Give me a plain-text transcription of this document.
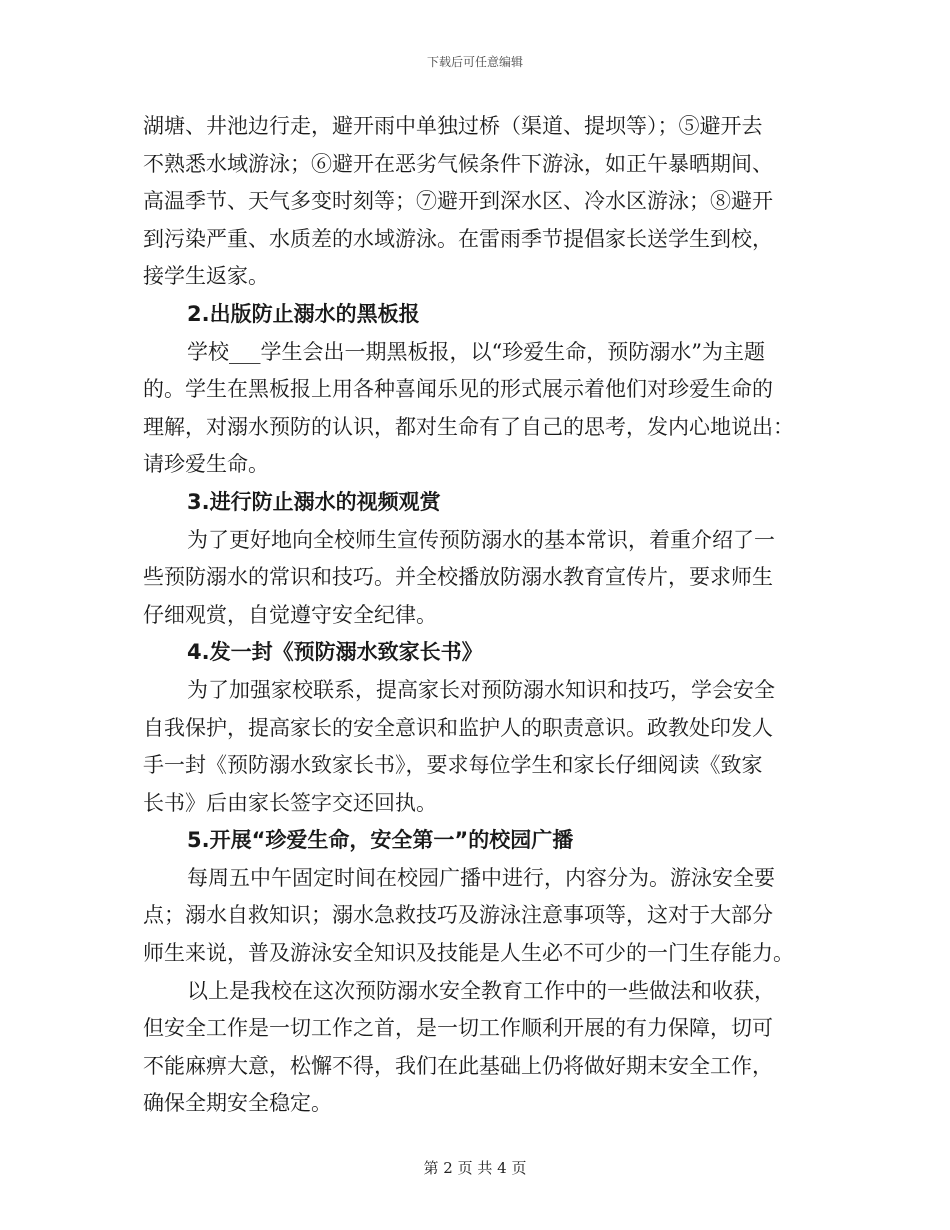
下载后可任意编辑
湖塘、井池边行走，避开雨中单独过桥（渠道、提坝等）；⑤避开去
不熟悉水域游泳；⑥避开在恶劣气候条件下游泳，如正午暴晒期间、
高温季节、天气多变时刻等；⑦避开到深水区、冷水区游泳；⑧避开
到污染严重、水质差的水域游泳。在雷雨季节提倡家长送学生到校，
接学生返家。
2.出版防止溺水的黑板报
学校___学生会出一期黑板报，以“珍爱生命，预防溺水”为主题
的。学生在黑板报上用各种喜闻乐见的形式展示着他们对珍爱生命的
理解，对溺水预防的认识，都对生命有了自己的思考，发内心地说出：
请珍爱生命。
3.进行防止溺水的视频观赏
为了更好地向全校师生宣传预防溺水的基本常识，着重介绍了一
些预防溺水的常识和技巧。并全校播放防溺水教育宣传片，要求师生
仔细观赏，自觉遵守安全纪律。
4.发一封《预防溺水致家长书》
为了加强家校联系，提高家长对预防溺水知识和技巧，学会安全
自我保护，提高家长的安全意识和监护人的职责意识。政教处印发人
手一封《预防溺水致家长书》，要求每位学生和家长仔细阅读《致家
长书》后由家长签字交还回执。
5.开展“珍爱生命，安全第一”的校园广播
每周五中午固定时间在校园广播中进行，内容分为。游泳安全要
点；溺水自救知识；溺水急救技巧及游泳注意事项等，这对于大部分
师生来说，普及游泳安全知识及技能是人生必不可少的一门生存能力。
以上是我校在这次预防溺水安全教育工作中的一些做法和收获，
但安全工作是一切工作之首，是一切工作顺利开展的有力保障，切可
不能麻痹大意，松懈不得，我们在此基础上仍将做好期末安全工作，
确保全期安全稳定。
第 2 页 共 4 页
